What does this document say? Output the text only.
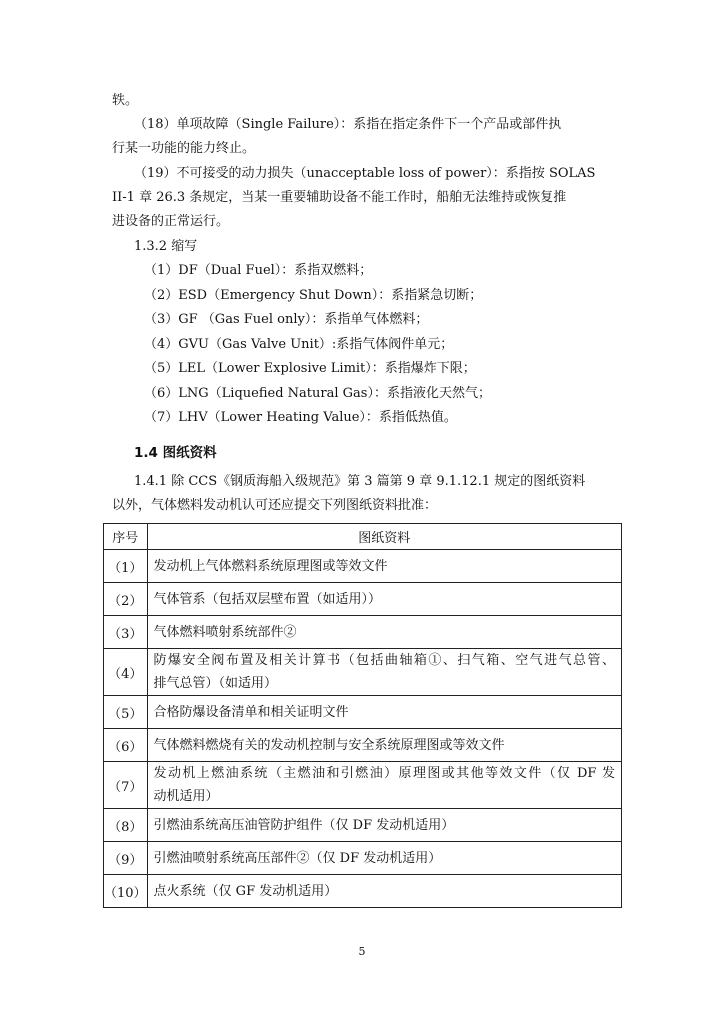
轶。
（18）单项故障（Single Failure）：系指在指定条件下一个产品或部件执
行某一功能的能力终止。
（19）不可接受的动力损失（unacceptable loss of power）：系指按 SOLAS
II-1 章 26.3 条规定，当某一重要辅助设备不能工作时，船舶无法维持或恢复推
进设备的正常运行。
1.3.2 缩写
（1）DF（Dual Fuel）：系指双燃料；
（2）ESD（Emergency Shut Down）：系指紧急切断；
（3）GF （Gas Fuel only）：系指单气体燃料；
（4）GVU（Gas Valve Unit）:系指气体阀件单元；
（5）LEL（Lower Explosive Limit）：系指爆炸下限；
（6）LNG（Liquefied Natural Gas）：系指液化天然气；
（7）LHV（Lower Heating Value）：系指低热值。
1.4 图纸资料
1.4.1 除 CCS《钢质海船入级规范》第 3 篇第 9 章 9.1.12.1 规定的图纸资料
以外，气体燃料发动机认可还应提交下列图纸资料批准：
序号	图纸资料
（1）	发动机上气体燃料系统原理图或等效文件

（2）	气体管系（包括双层壁布置（如适用））

（3）	气体燃料喷射系统部件②

（4）	防爆安全阀布置及相关计算书（包括曲轴箱①、扫气箱、空气进气总管、
排气总管）（如适用）

（5）	合格防爆设备清单和相关证明文件

（6）	气体燃料燃烧有关的发动机控制与安全系统原理图或等效文件

（7）	发动机上燃油系统（主燃油和引燃油）原理图或其他等效文件（仅 DF 发
动机适用）

（8）	引燃油系统高压油管防护组件（仅 DF 发动机适用）

（9）	引燃油喷射系统高压部件②（仅 DF 发动机适用）

（10）	点火系统（仅 GF 发动机适用）
5
